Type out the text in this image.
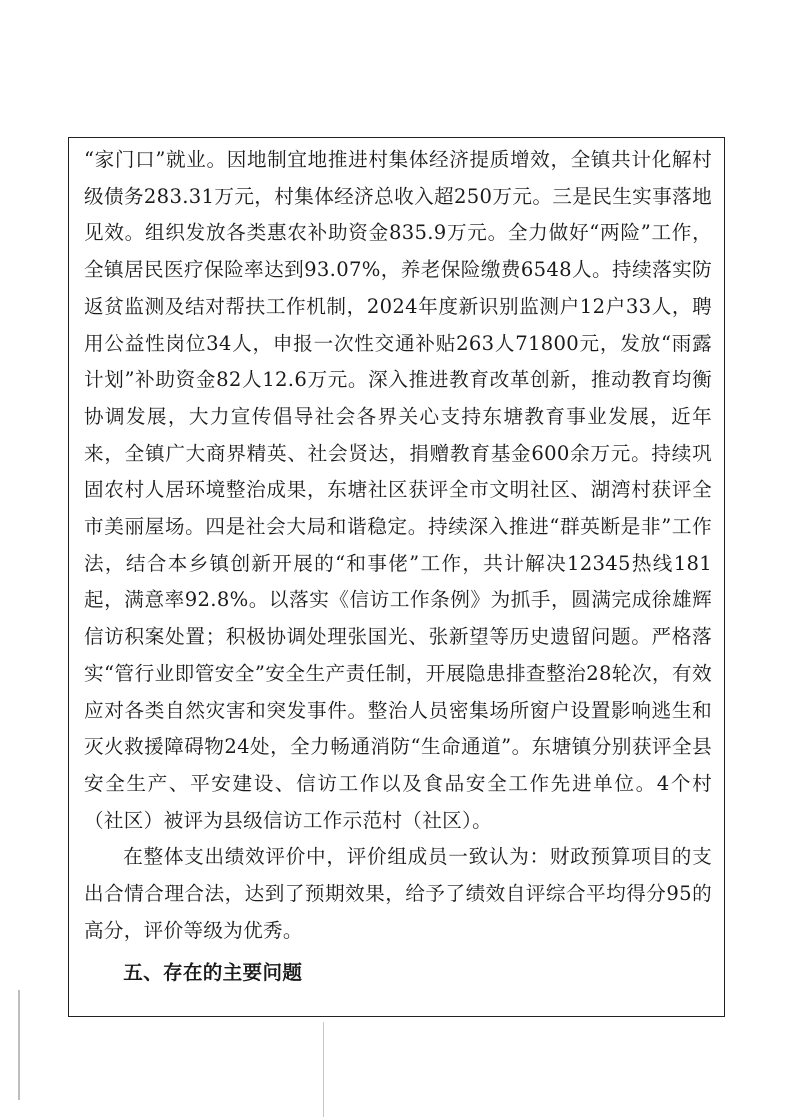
“家门口”就业。因地制宜地推进村集体经济提质增效，全镇共计化解村级债务283.31万元，村集体经济总收入超250万元。三是民生实事落地见效。组织发放各类惠农补助资金835.9万元。全力做好“两险”工作，全镇居民医疗保险率达到93.07%，养老保险缴费6548人。持续落实防返贫监测及结对帮扶工作机制，2024年度新识别监测户12户33人，聘用公益性岗位34人，申报一次性交通补贴263人71800元，发放“雨露计划”补助资金82人12.6万元。深入推进教育改革创新，推动教育均衡协调发展，大力宣传倡导社会各界关心支持东塘教育事业发展，近年来，全镇广大商界精英、社会贤达，捐赠教育基金600余万元。持续巩固农村人居环境整治成果，东塘社区获评全市文明社区、湖湾村获评全市美丽屋场。四是社会大局和谐稳定。持续深入推进“群英断是非”工作法，结合本乡镇创新开展的“和事佬”工作，共计解决12345热线181起，满意率92.8%。以落实《信访工作条例》为抓手，圆满完成徐雄辉信访积案处置；积极协调处理张国光、张新望等历史遗留问题。严格落实“管行业即管安全”安全生产责任制，开展隐患排查整治28轮次，有效应对各类自然灾害和突发事件。整治人员密集场所窗户设置影响逃生和灭火救援障碍物24处，全力畅通消防“生命通道”。东塘镇分别获评全县安全生产、平安建设、信访工作以及食品安全工作先进单位。4个村（社区）被评为县级信访工作示范村（社区）。

在整体支出绩效评价中，评价组成员一致认为：财政预算项目的支出合情合理合法，达到了预期效果，给予了绩效自评综合平均得分95的高分，评价等级为优秀。

五、存在的主要问题
